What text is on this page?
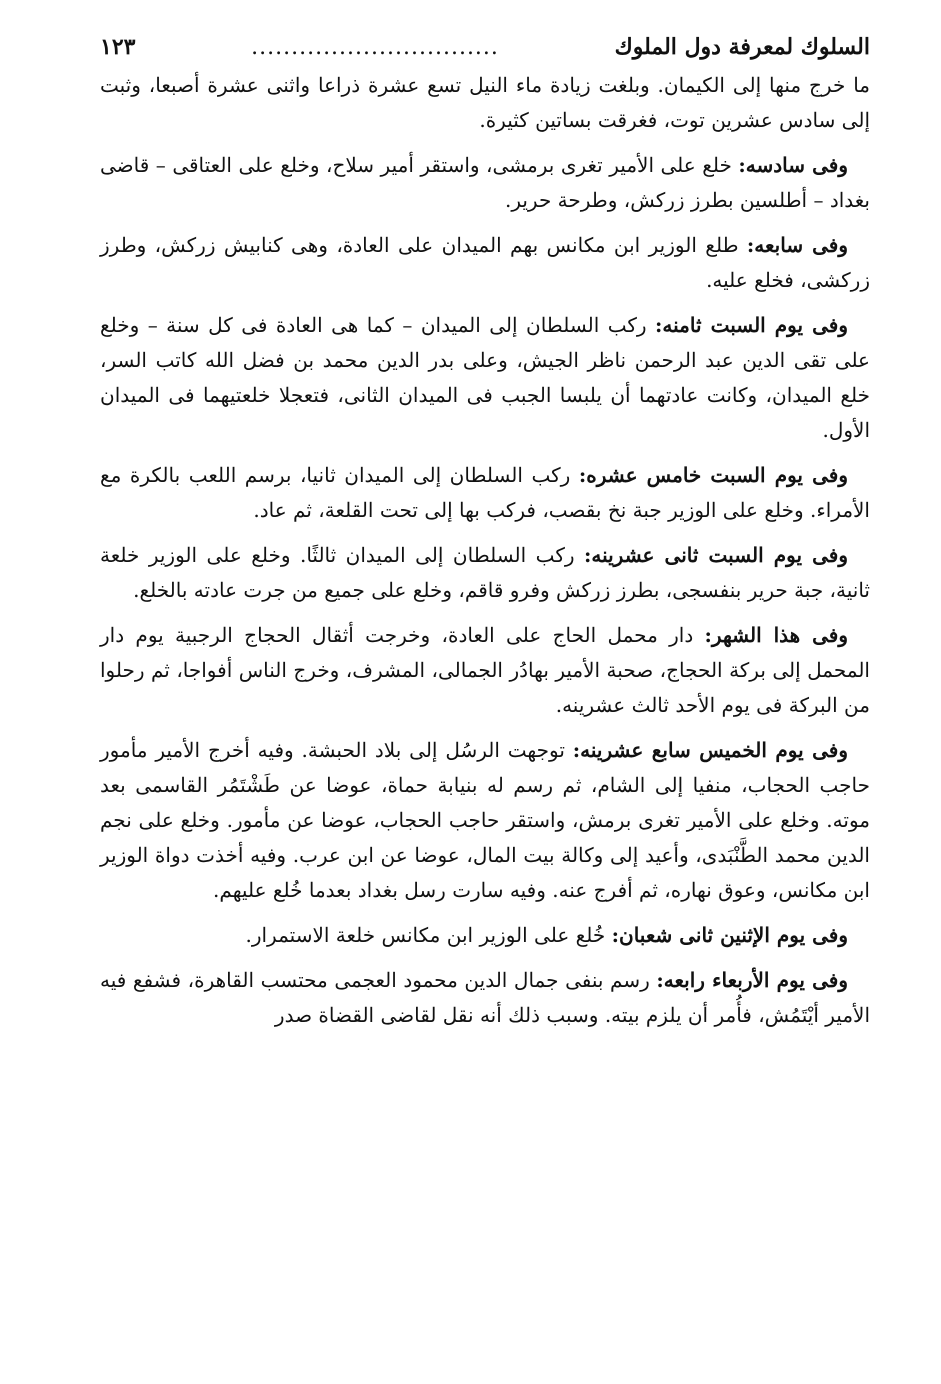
السلوك لمعرفة دول الملوك
...............................
١٢٣

ما خرج منها إلى الكيمان. وبلغت زيادة ماء النيل تسع عشرة ذراعا واثنى عشرة أصبعا، وثبت إلى سادس عشرين توت، فغرقت بساتين كثيرة.

وفى سادسه: خلع على الأمير تغرى برمشى، واستقر أمير سلاح، وخلع على العتاقى – قاضى بغداد – أطلسين بطرز زركش، وطرحة حرير.

وفى سابعه: طلع الوزير ابن مكانس بهم الميدان على العادة، وهى كنابيش زركش، وطرز زركشى، فخلع عليه.

وفى يوم السبت ثامنه: ركب السلطان إلى الميدان – كما هى العادة فى كل سنة – وخلع على تقى الدين عبد الرحمن ناظر الجيش، وعلى بدر الدين محمد بن فضل الله كاتب السر، خلع الميدان، وكانت عادتهما أن يلبسا الجبب فى الميدان الثانى، فتعجلا خلعتيهما فى الميدان الأول.

وفى يوم السبت خامس عشره: ركب السلطان إلى الميدان ثانيا، برسم اللعب بالكرة مع الأمراء. وخلع على الوزير جبة نخ بقصب، فركب بها إلى تحت القلعة، ثم عاد.

وفى يوم السبت ثانى عشرينه: ركب السلطان إلى الميدان ثالثًا. وخلع على الوزير خلعة ثانية، جبة حرير بنفسجى، بطرز زركش وفرو قاقم، وخلع على جميع من جرت عادته بالخلع.

وفى هذا الشهر: دار محمل الحاج على العادة، وخرجت أثقال الحجاج الرجبية يوم دار المحمل إلى بركة الحجاج، صحبة الأمير بهادُر الجمالى، المشرف، وخرج الناس أفواجا، ثم رحلوا من البركة فى يوم الأحد ثالث عشرينه.

وفى يوم الخميس سابع عشرينه: توجهت الرسُل إلى بلاد الحبشة. وفيه أخرج الأمير مأمور حاجب الحجاب، منفيا إلى الشام، ثم رسم له بنيابة حماة، عوضا عن طَشْتَمُر القاسمى بعد موته. وخلع على الأمير تغرى برمش، واستقر حاجب الحجاب، عوضا عن مأمور. وخلع على نجم الدين محمد الطَّنْبَدى، وأعيد إلى وكالة بيت المال، عوضا عن ابن عرب. وفيه أخذت دواة الوزير ابن مكانس، وعوق نهاره، ثم أفرج عنه. وفيه سارت رسل بغداد بعدما خُلع عليهم.

وفى يوم الإثنين ثانى شعبان: خُلع على الوزير ابن مكانس خلعة الاستمرار.

وفى يوم الأربعاء رابعه: رسم بنفى جمال الدين محمود العجمى محتسب القاهرة، فشفع فيه الأمير أيْتَمُش، فأُمر أن يلزم بيته. وسبب ذلك أنه نقل لقاضى القضاة صدر
